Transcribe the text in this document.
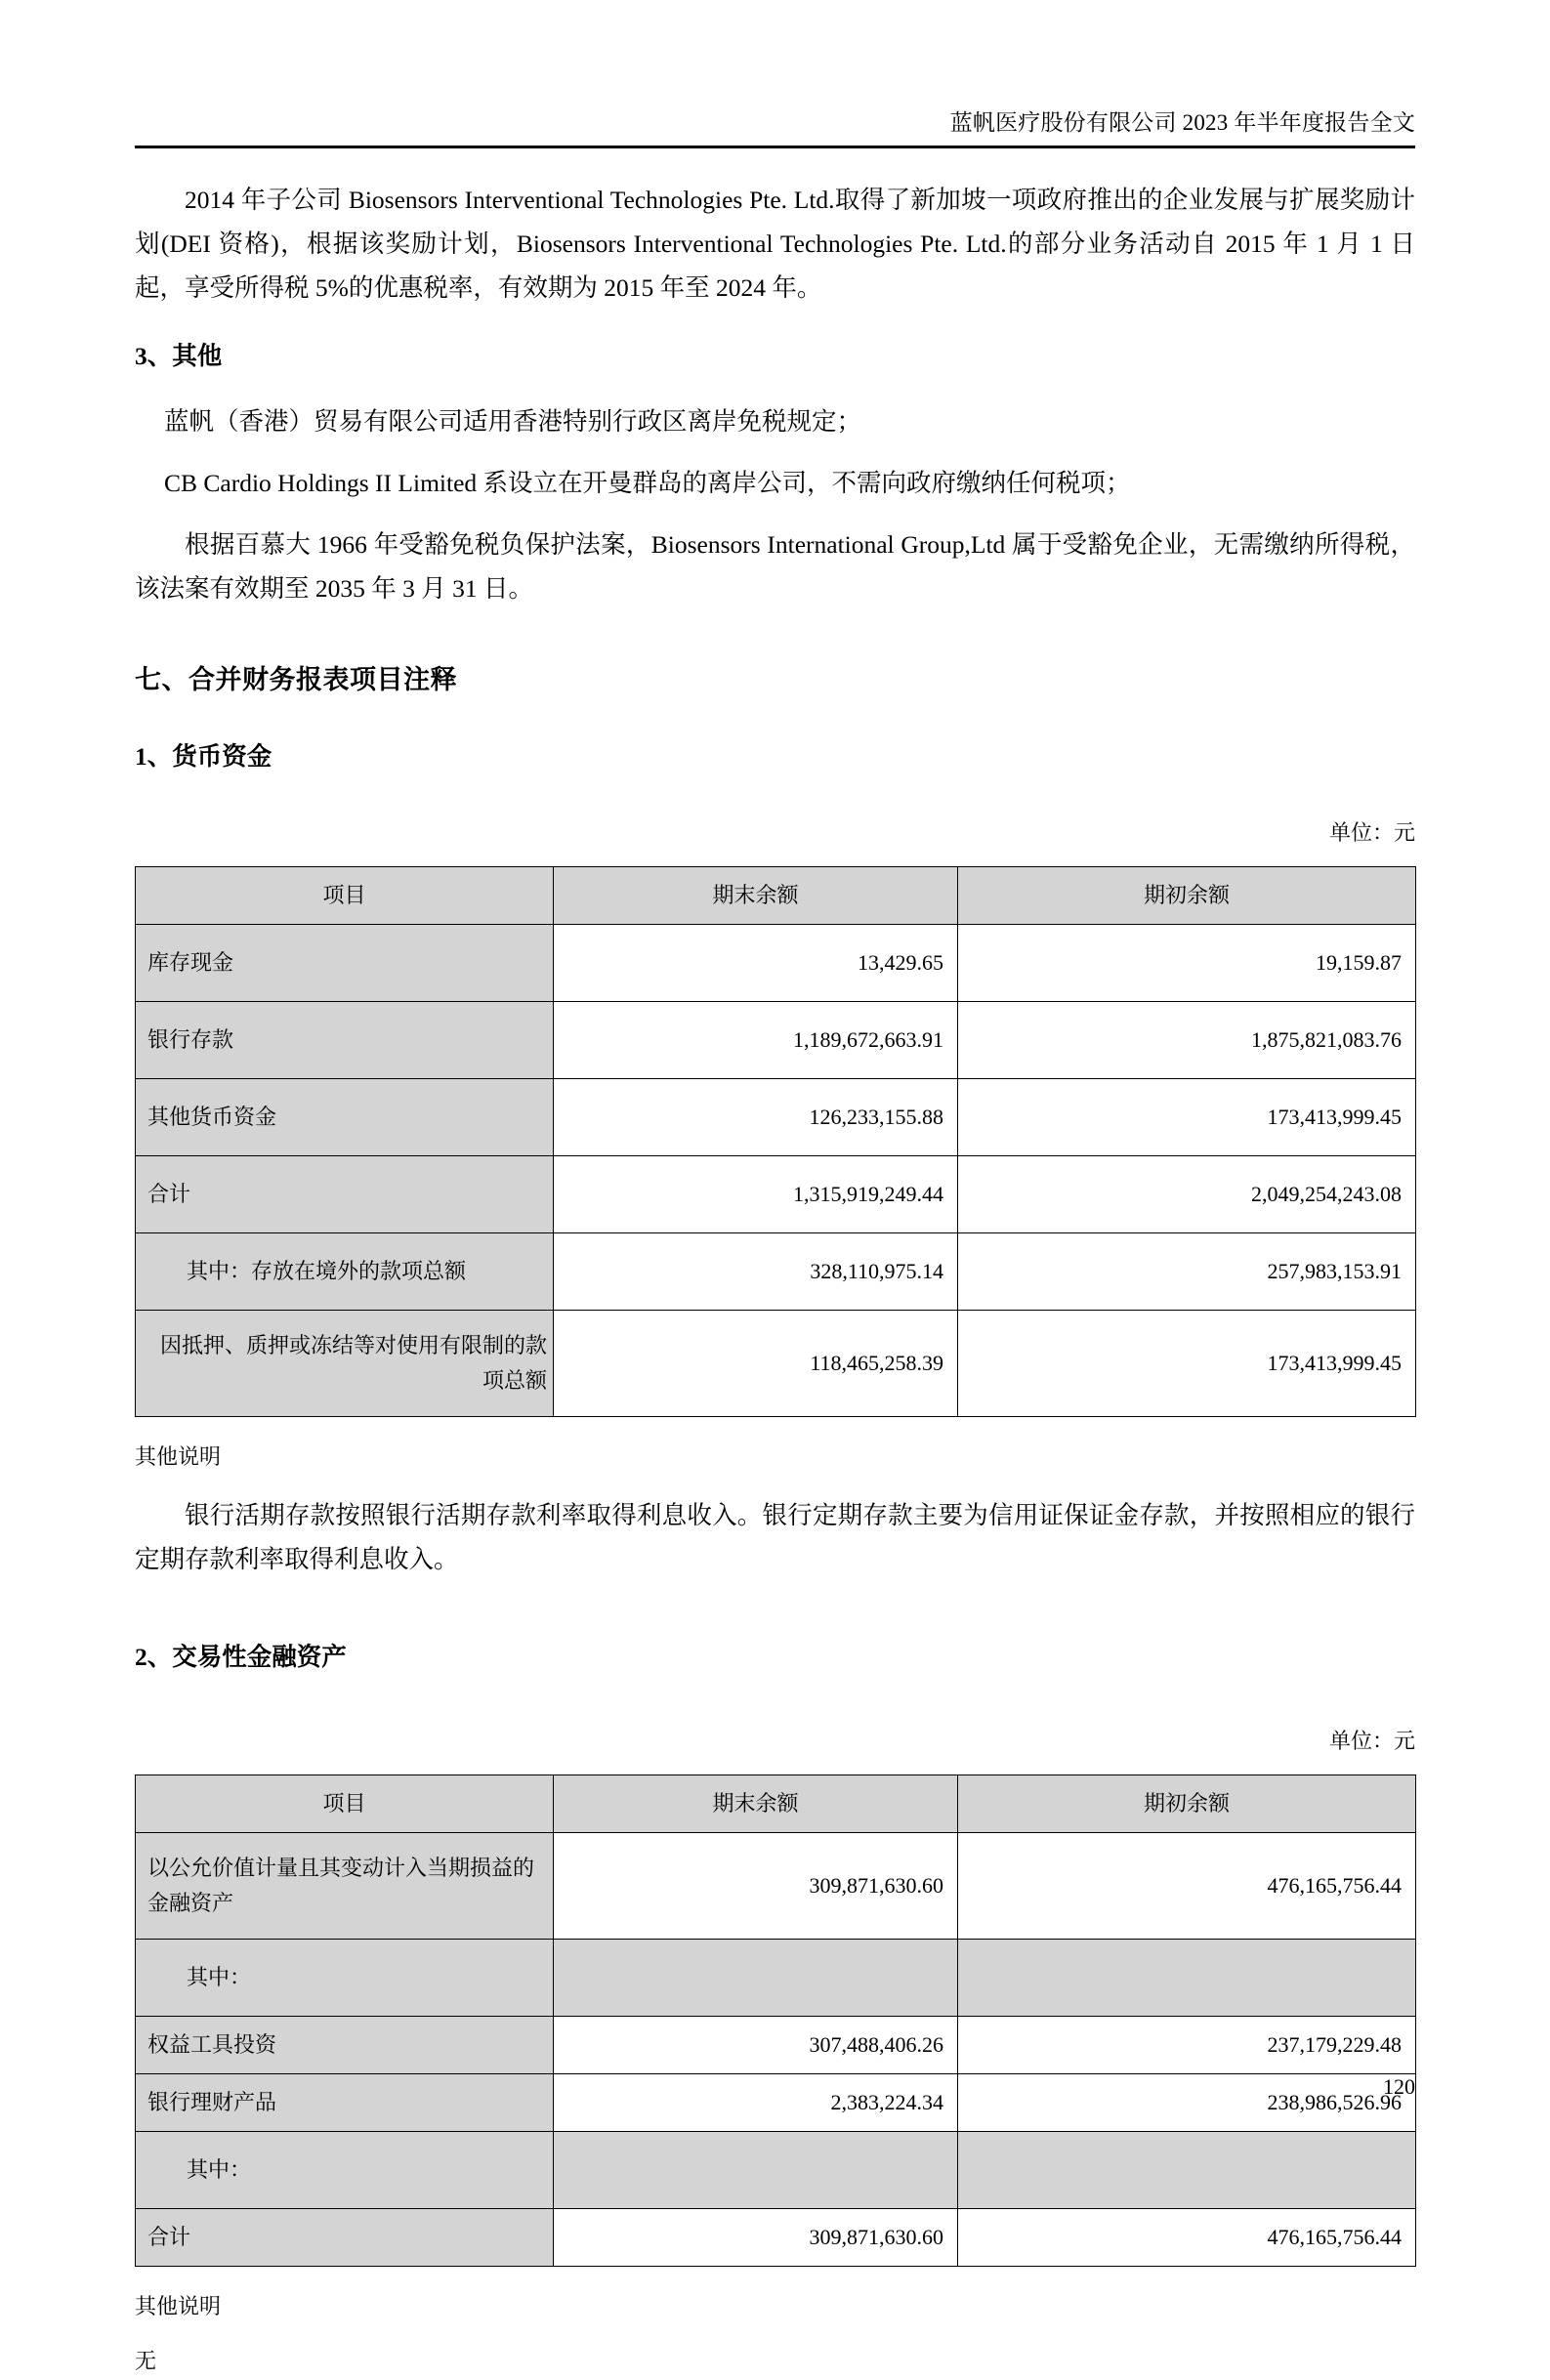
蓝帆医疗股份有限公司 2023 年半年度报告全文

2014 年子公司 Biosensors Interventional Technologies Pte. Ltd.取得了新加坡一项政府推出的企业发展与扩展奖励计划(DEI 资格)，根据该奖励计划，Biosensors Interventional Technologies Pte. Ltd.的部分业务活动自 2015 年 1 月 1 日起，享受所得税 5%的优惠税率，有效期为 2015 年至 2024 年。

3、其他

蓝帆（香港）贸易有限公司适用香港特别行政区离岸免税规定；

CB Cardio Holdings II Limited 系设立在开曼群岛的离岸公司，不需向政府缴纳任何税项；

根据百慕大 1966 年受豁免税负保护法案，Biosensors International Group,Ltd 属于受豁免企业，无需缴纳所得税，该法案有效期至 2035 年 3 月 31 日。

七、合并财务报表项目注释
1、货币资金

单位：元

项目	期末余额	期初余额
库存现金	13,429.65	19,159.87
银行存款	1,189,672,663.91	1,875,821,083.76
其他货币资金	126,233,155.88	173,413,999.45
合计	1,315,919,249.44	2,049,254,243.08
其中：存放在境外的款项总额	328,110,975.14	257,983,153.91
因抵押、质押或冻结等对使用有限制的款项总额	118,465,258.39	173,413,999.45

其他说明

银行活期存款按照银行活期存款利率取得利息收入。银行定期存款主要为信用证保证金存款，并按照相应的银行定期存款利率取得利息收入。

2、交易性金融资产

单位：元

项目	期末余额	期初余额
以公允价值计量且其变动计入当期损益的金融资产	309,871,630.60	476,165,756.44
其中：		
权益工具投资	307,488,406.26	237,179,229.48
银行理财产品	2,383,224.34	238,986,526.96
其中：		
合计	309,871,630.60	476,165,756.44

其他说明

无

120
